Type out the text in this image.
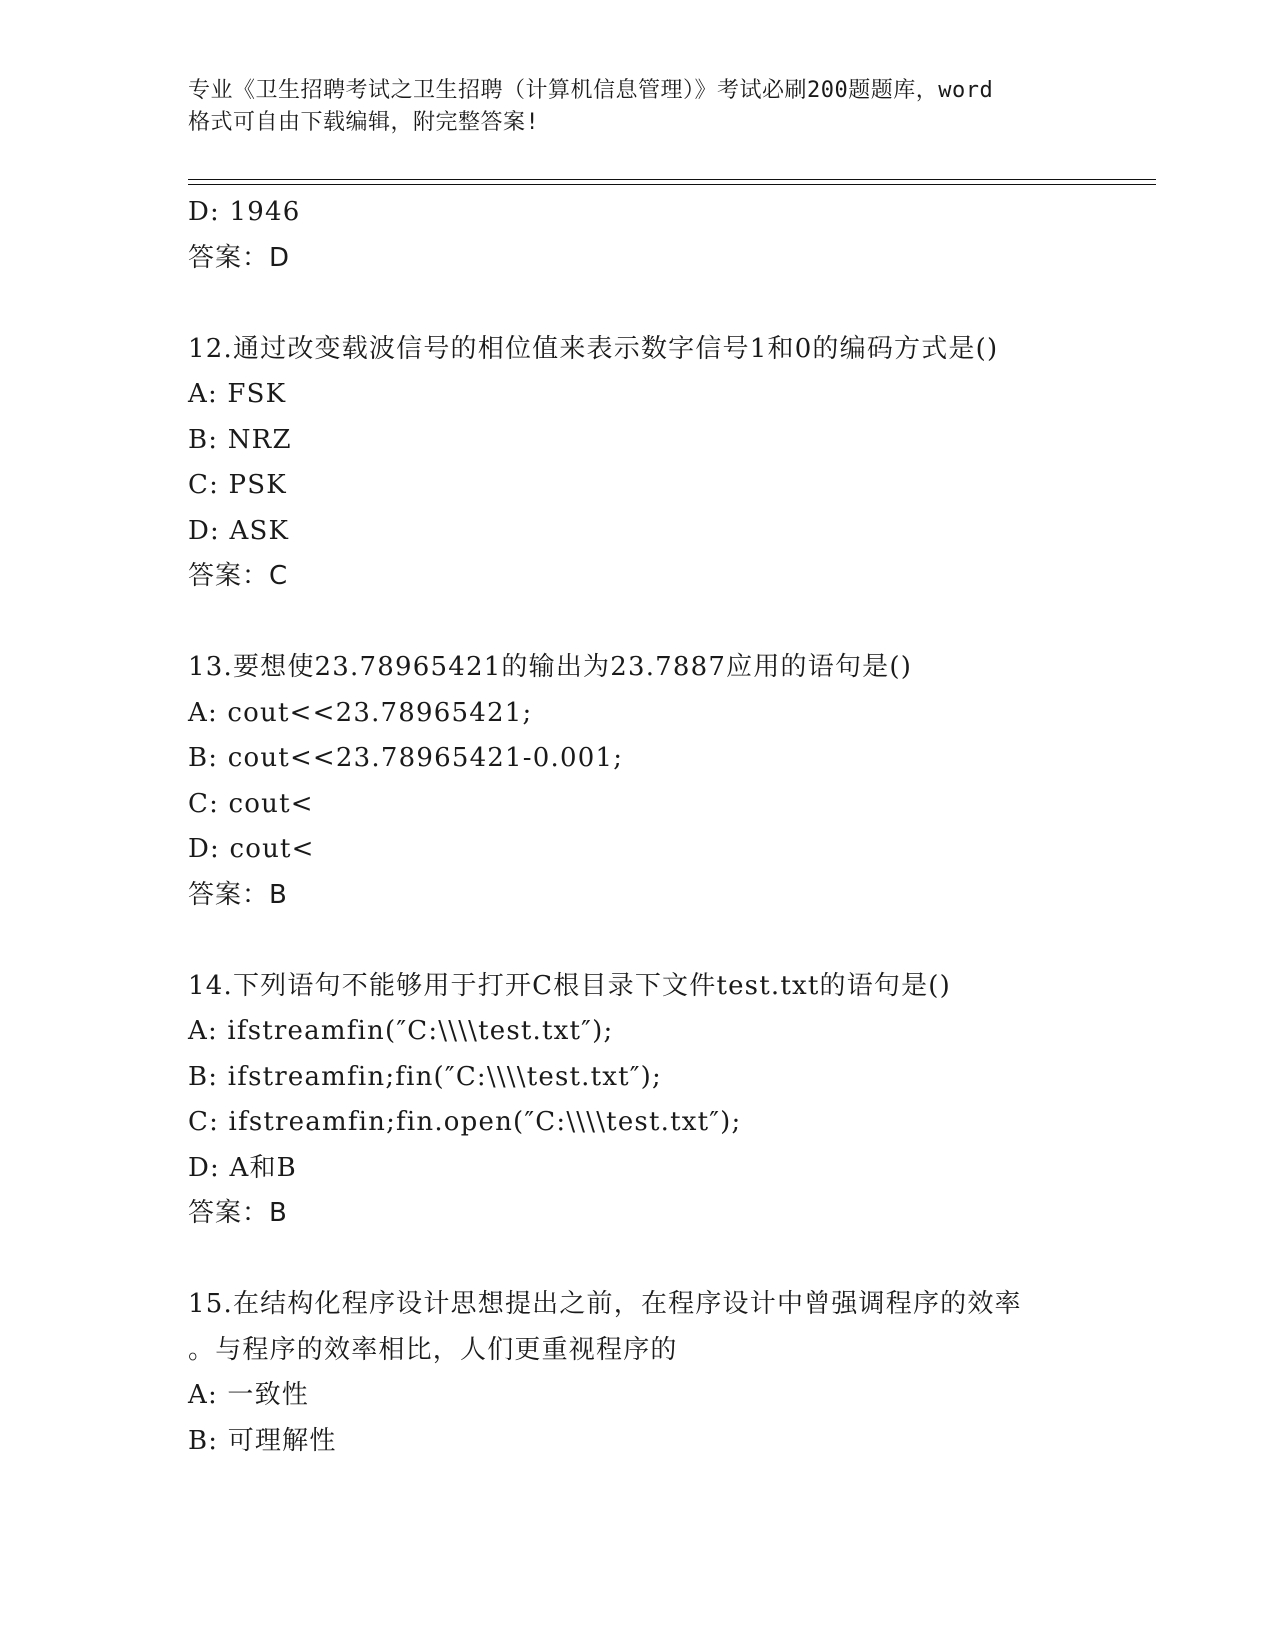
专业《卫生招聘考试之卫生招聘（计算机信息管理）》考试必刷200题题库，word
格式可自由下载编辑，附完整答案!
D: 1946
答案：D
12.通过改变载波信号的相位值来表示数字信号1和0的编码方式是()
A: FSK
B: NRZ
C: PSK
D: ASK
答案：C
13.要想使23.78965421的输出为23.7887应用的语句是()
A: cout<<23.78965421;
B: cout<<23.78965421-0.001;
C: cout<
D: cout<
答案：B
14.下列语句不能够用于打开C根目录下文件test.txt的语句是()
A: ifstreamfin(″C:\\\\test.txt″);
B: ifstreamfin;fin(″C:\\\\test.txt″);
C: ifstreamfin;fin.open(″C:\\\\test.txt″);
D: A和B
答案：B
15.在结构化程序设计思想提出之前，在程序设计中曾强调程序的效率
。与程序的效率相比，人们更重视程序的
A: 一致性
B: 可理解性
